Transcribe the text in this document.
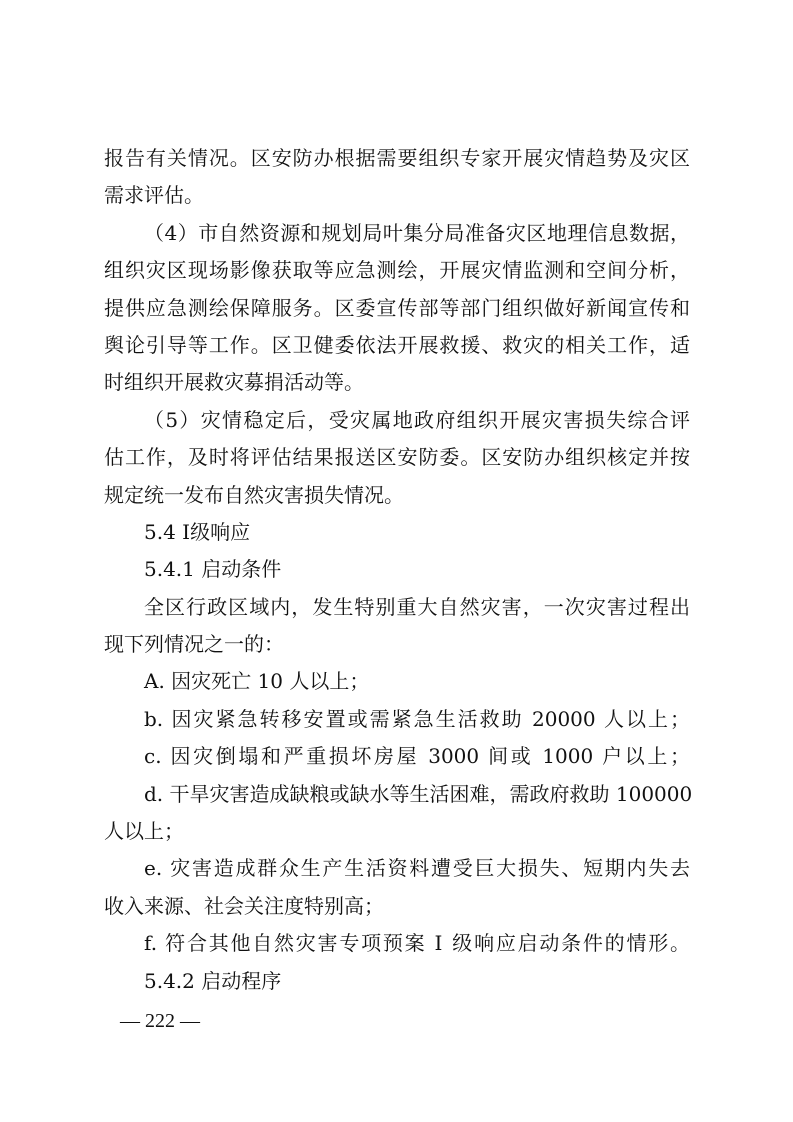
报告有关情况。区安防办根据需要组织专家开展灾情趋势及灾区
需求评估。
（4）市自然资源和规划局叶集分局准备灾区地理信息数据，
组织灾区现场影像获取等应急测绘，开展灾情监测和空间分析，
提供应急测绘保障服务。区委宣传部等部门组织做好新闻宣传和
舆论引导等工作。区卫健委依法开展救援、救灾的相关工作，适
时组织开展救灾募捐活动等。
（5）灾情稳定后，受灾属地政府组织开展灾害损失综合评
估工作，及时将评估结果报送区安防委。区安防办组织核定并按
规定统一发布自然灾害损失情况。
5.4 Ⅰ级响应
5.4.1 启动条件
全区行政区域内，发生特别重大自然灾害，一次灾害过程出
现下列情况之一的：
A. 因灾死亡 10 人以上；
b. 因灾紧急转移安置或需紧急生活救助 20000 人以上；
c. 因灾倒塌和严重损坏房屋 3000 间或 1000 户以上；
d. 干旱灾害造成缺粮或缺水等生活困难，需政府救助 100000
人以上；
e. 灾害造成群众生产生活资料遭受巨大损失、短期内失去
收入来源、社会关注度特别高；
f. 符合其他自然灾害专项预案 Ⅰ 级响应启动条件的情形。
5.4.2 启动程序
— 222 —
